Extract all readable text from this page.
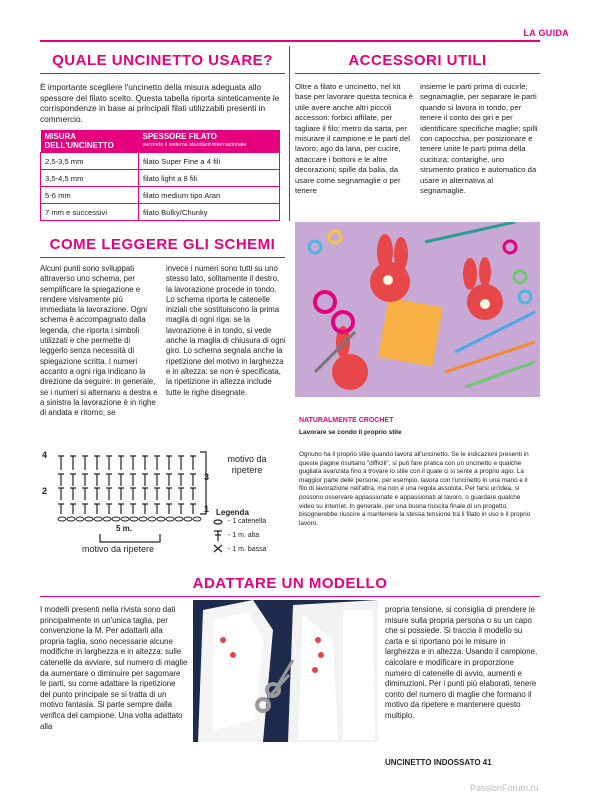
LA GUIDA
QUALE UNCINETTO USARE?
È importante scegliere l'uncinetto della misura adeguata allo spessore del filato scelto. Questa tabella riporta sinteticamente le corrispondenze in base ai principali filati utilizzabili presenti in commercio.
MISURA DELL'UNCINETTO	SPESSORE FILATO
secondo il sistema standard internazionale

2,5-3,5 mm	filato Super Fine a 4 fili
3,5-4,5 mm	filato light a 8 fili
5-6 mm	filato medium tipo Aran
7 mm e successivi	filato Bulky/Chunky
ACCESSORI UTILI
Oltre a filato e uncinetto, nel kit base per lavorare questa tecnica è utile avere anche altri piccoli accessori: forbici affilate, per tagliare il filo; metro da sarta, per misurare il campione e le parti del lavoro; ago da lana, per cucire, attaccare i bottoni e le altre decorazioni; spille da balia, da usare come segnamaglie o per tenere
insieme le parti prima di cucirle; segnamaglie, per separare le parti quando si lavora in tondo, per tenere il conto dei giri e per identificare specifiche maglie; spilli con capocchia, per posizionare e tenere unite le parti prima della cucitura; contarighe, uno strumento pratico e automatico da usare in alternativa al segnamaglie.
COME LEGGERE GLI SCHEMI
Alcuni punti sono sviluppati attraverso uno schema, per semplificare la spiegazione e rendere visivamente più immediata la lavorazione. Ogni schema è accompagnato dalla legenda, che riporta i simboli utilizzati e che permette di leggerlo senza necessità di spiegazione scritta. I numeri accanto a ogni riga indicano la direzione da seguire: in generale, se i numeri si alternano a destra e a sinistra la lavorazione è in righe di andata e ritorno; se
invece i numeri sono tutti su uno stesso lato, solitamente il destro, la lavorazione procede in tondo. Lo schema riporta le catenelle iniziali che sostituiscono la prima maglia di ogni riga: se la lavorazione è in tondo, si vede anche la maglia di chiusura di ogni giro. Lo schema segnala anche la ripetizione del motivo in larghezza e in altezza: se non è specificata, la ripetizione in altezza include tutte le righe disegnate.
4
2
3
1
motivo da ripetere
5 m.
motivo da ripetere
Legenda
- 1 catenella
- 1 m. alta
- 1 m. bassa
NATURALMENTE CROCHET
Lavorare se condo il proprio stile
Ognuno ha il proprio stile quando lavora all'uncinetto. Se le indicazioni presenti in queste pagine risultano "difficili", si può fare pratica con un uncinetto e qualche gugliata avanzata fino a trovare lo stile con il quale ci si sente a proprio agio. La maggior parte delle persone, per esempio, lavora con l'uncinetto in una mano e il filo di lavorazione nell'altra, ma non è una regola assoluta. Per farsi un'idea, si possono osservare appassionate e appassionati al lavoro, o guardare qualche video su internet. In generale, per una buona riuscita finale di un progetto, bisognerebbe riuscire a mantenere la stessa tensione tra il filato in uso e il proprio lavoro.
ADATTARE UN MODELLO
I modelli presenti nella rivista sono dati principalmente in un'unica taglia, per convenzione la M. Per adattarli alla propria taglia, sono necessarie alcune modifiche in larghezza e in altezza: sulle catenelle da avviare, sul numero di maglie da aumentare o diminuire per sagomare le parti, su come adattare la ripetizione del punto principale se si tratta di un motivo fantasia. Si parte sempre dalla verifica del campione. Una volta adattato alla
propria tensione, si consiglia di prendere le misure sulla propria persona o su un capo che si possiede. Si traccia il modello su carta e si riportano poi le misure in larghezza e in altezza. Usando il campione, calcolare e modificare in proporzione numero di catenelle di avvio, aumenti e diminuzioni. Per i punti più elaborati, tenere conto del numero di maglie che formano il motivo da ripetere e mantenere questo multiplo.
UNCINETTO INDOSSATO 41
PassionForum.ru
